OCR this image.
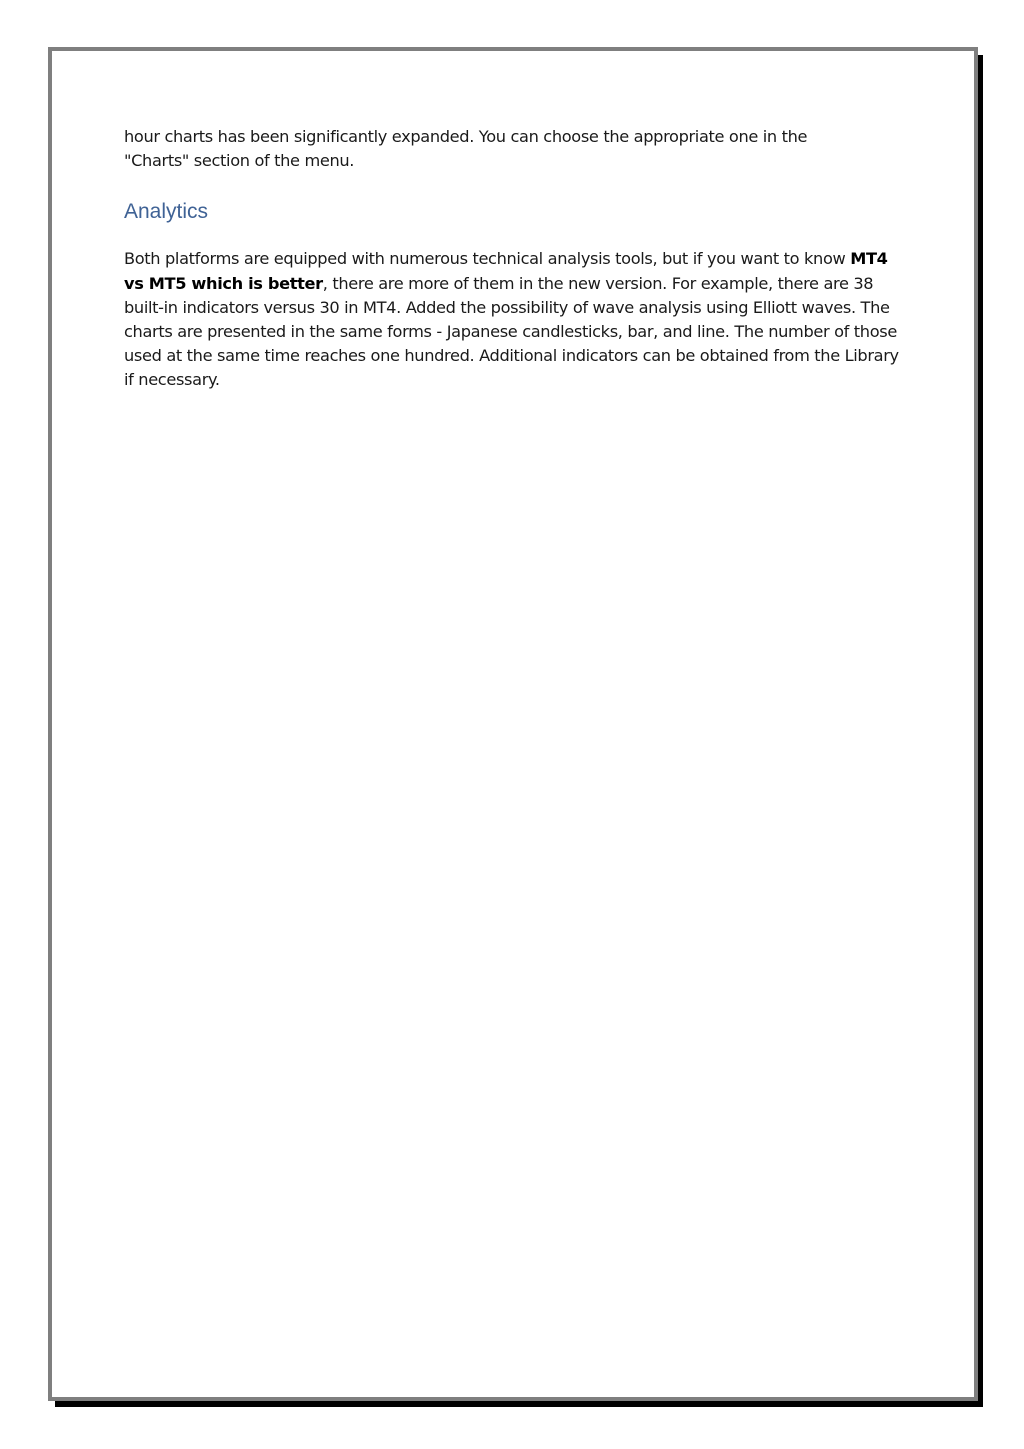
hour charts has been significantly expanded. You can choose the appropriate one in the
"Charts" section of the menu.

Analytics

Both platforms are equipped with numerous technical analysis tools, but if you want to know MT4 vs MT5 which is better, there are more of them in the new version. For example, there are 38 built-in indicators versus 30 in MT4. Added the possibility of wave analysis using Elliott waves. The charts are presented in the same forms - Japanese candlesticks, bar, and line. The number of those used at the same time reaches one hundred. Additional indicators can be obtained from the Library if necessary.
